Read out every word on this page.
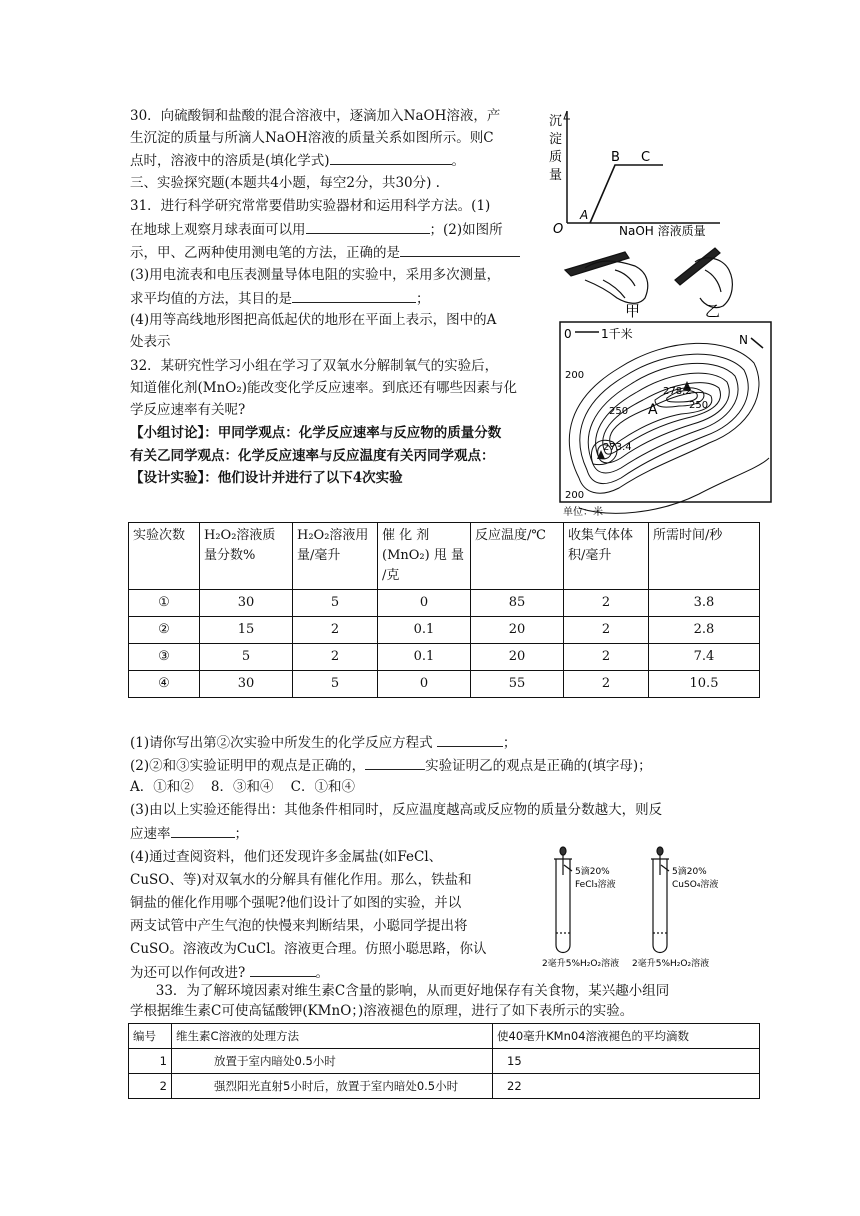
30．向硫酸铜和盐酸的混合溶液中，逐滴加入NaOH溶液，产
生沉淀的质量与所滴人NaOH溶液的质量关系如图所示。则C
点时，溶液中的溶质是(填化学式)	。
三、实验探究题(本题共4小题，每空2分，共30分) .
31．进行科学研究常常要借助实验器材和运用科学方法。(1)
在地球上观察月球表面可以用	；(2)如图所
示，甲、乙两种使用测电笔的方法，正确的是
(3)用电流表和电压表测量导体电阻的实验中，采用多次测量，
求平均值的方法，其目的是	；
(4)用等高线地形图把高低起伏的地形在平面上表示，图中的A
处表示
32．某研究性学习小组在学习了双氧水分解制氧气的实验后，
知道催化剂(MnO₂)能改变化学反应速率。到底还有哪些因素与化
学反应速率有关呢?
【小组讨论】：甲同学观点：化学反应速率与反应物的质量分数
有关乙同学观点：化学反应速率与反应温度有关丙同学观点：
【设计实验】：他们设计并进行了以下4次实验
沉
淀
质
量
B C
A
O	NaOH 溶液质量
甲	乙
0 1千米	N
200
278.2
250
250 A
273.4
200
单位：米
实验次数	H₂O₂溶液质量分数%	H₂O₂溶液用量/毫升	催 化 剂(MnO₂) 甩 量 /克	反应温度/℃	收集气体体积/毫升	所需时间/秒
①	30	5	0	85	2	3.8
②	15	2	0.1	20	2	2.8
③	5	2	0.1	20	2	7.4
④	30	5	0	55	2	10.5
(1)请你写出第②次实验中所发生的化学反应方程式	；
(2)②和③实验证明甲的观点是正确的，	实验证明乙的观点是正确的(填字母)；
A．①和②    8．③和④    C．①和④
(3)由以上实验还能得出：其他条件相同时，反应温度越高或反应物的质量分数越大，则反
应速率	；
(4)通过查阅资料，他们还发现许多金属盐(如FeCl、
CuSO、等)对双氧水的分解具有催化作用。那么，铁盐和
铜盐的催化作用哪个强呢?他们设计了如图的实验，并以
两支试管中产生气泡的快慢来判断结果，小聪同学提出将
CuSO。溶液改为CuCl。溶液更合理。仿照小聪思路，你认
为还可以作何改进?	。
5滴20%
FeCl₃溶液
5滴20%
CuSO₄溶液
2毫升5%H₂O₂溶液 2毫升5%H₂O₂溶液
33．为了解环境因素对维生素C含量的影响，从而更好地保存有关食物，某兴趣小组同
学根据维生素C可使高锰酸钾(KMnO；)溶液褪色的原理，进行了如下表所示的实验。
编号	维生素C溶液的处理方法	使40毫升KMn04溶液褪色的平均滴数
1	放置于室内暗处0.5小时	15
2	强烈阳光直射5小时后，放置于室内暗处0.5小时	22
